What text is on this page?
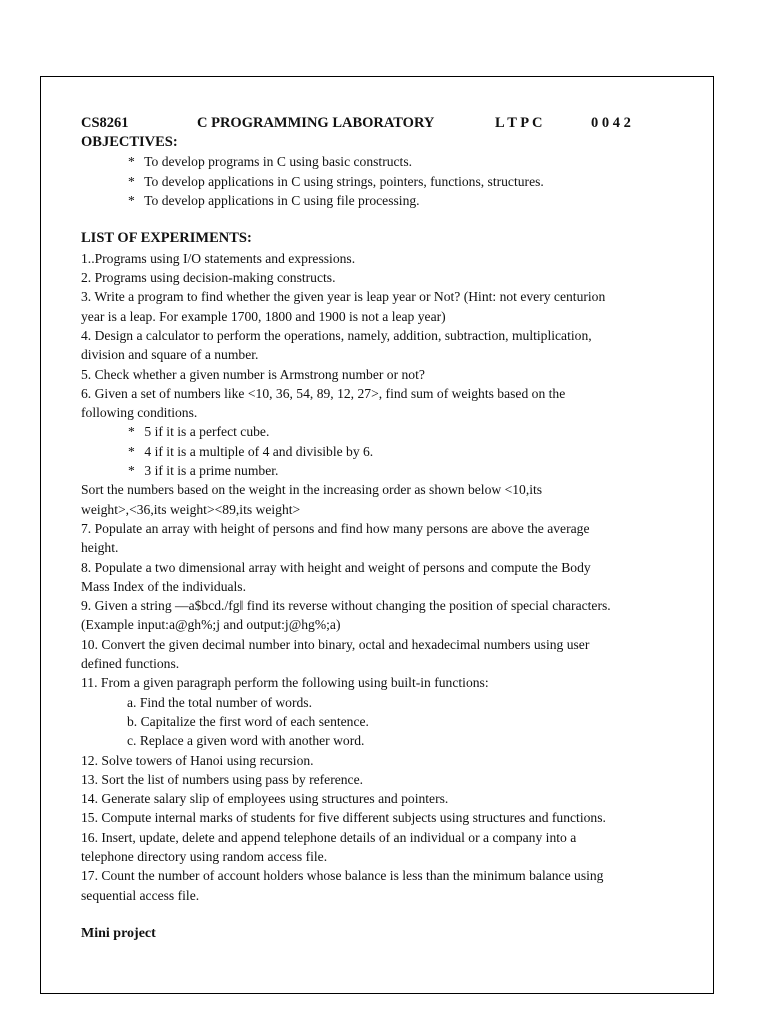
CS8261	C PROGRAMMING LABORATORY	L T P C	0 0 4 2

OBJECTIVES:

* To develop programs in C using basic constructs.

* To develop applications in C using strings, pointers, functions, structures.

* To develop applications in C using file processing.

LIST OF EXPERIMENTS:

1..Programs using I/O statements and expressions.

2. Programs using decision-making constructs.

3. Write a program to find whether the given year is leap year or Not? (Hint: not every centurion

year is a leap. For example 1700, 1800 and 1900 is not a leap year)

4. Design a calculator to perform the operations, namely, addition, subtraction, multiplication,

division and square of a number.

5. Check whether a given number is Armstrong number or not?

6. Given a set of numbers like <10, 36, 54, 89, 12, 27>, find sum of weights based on the

following conditions.

* 5 if it is a perfect cube.

* 4 if it is a multiple of 4 and divisible by 6.

* 3 if it is a prime number.

Sort the numbers based on the weight in the increasing order as shown below <10,its

weight>,<36,its weight><89,its weight>

7. Populate an array with height of persons and find how many persons are above the average

height.

8. Populate a two dimensional array with height and weight of persons and compute the Body

Mass Index of the individuals.

9. Given a string ―a$bcd./fg‖ find its reverse without changing the position of special characters.

(Example input:a@gh%;j and output:j@hg%;a)

10. Convert the given decimal number into binary, octal and hexadecimal numbers using user

defined functions.

11. From a given paragraph perform the following using built-in functions:

a. Find the total number of words.

b. Capitalize the first word of each sentence.

c. Replace a given word with another word.

12. Solve towers of Hanoi using recursion.

13. Sort the list of numbers using pass by reference.

14. Generate salary slip of employees using structures and pointers.

15. Compute internal marks of students for five different subjects using structures and functions.

16. Insert, update, delete and append telephone details of an individual or a company into a

telephone directory using random access file.

17. Count the number of account holders whose balance is less than the minimum balance using

sequential access file.

Mini project
